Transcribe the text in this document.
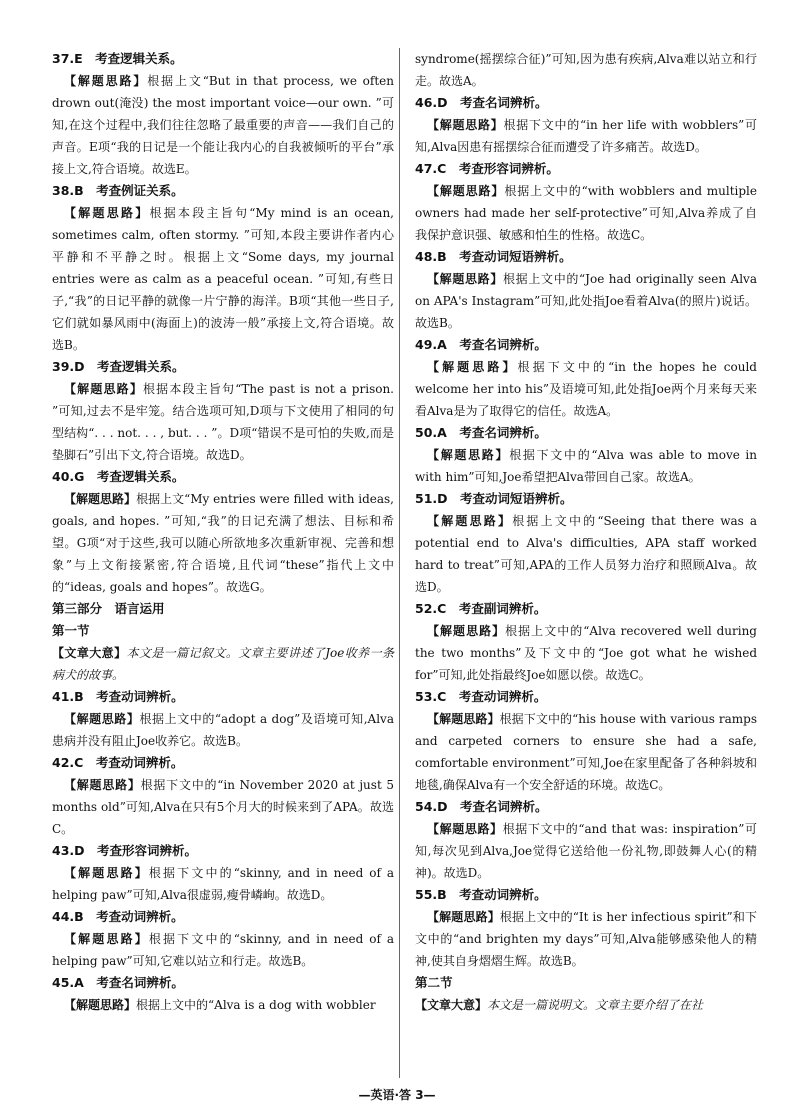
37.E　考查逻辑关系。

【解题思路】根据上文“But in that process, we often drown out(淹没) the most important voice—our own. ”可知,在这个过程中,我们往往忽略了最重要的声音——我们自己的声音。E项“我的日记是一个能让我内心的自我被倾听的平台”承接上文,符合语境。故选E。

38.B　考查例证关系。

【解题思路】根据本段主旨句“My mind is an ocean, sometimes calm, often stormy. ”可知,本段主要讲作者内心平静和不平静之时。根据上文“Some days, my journal entries were as calm as a peaceful ocean. ”可知,有些日子,“我”的日记平静的就像一片宁静的海洋。B项“其他一些日子,它们就如暴风雨中(海面上)的波涛一般”承接上文,符合语境。故选B。

39.D　考查逻辑关系。

【解题思路】根据本段主旨句“The past is not a prison. ”可知,过去不是牢笼。结合选项可知,D项与下文使用了相同的句型结构“. . . not. . . , but. . . ”。D项“错误不是可怕的失败,而是垫脚石”引出下文,符合语境。故选D。

40.G　考查逻辑关系。

【解题思路】根据上文“My entries were filled with ideas, goals, and hopes. ”可知,“我”的日记充满了想法、目标和希望。G项“对于这些,我可以随心所欲地多次重新审视、完善和想象”与上文衔接紧密,符合语境,且代词“these”指代上文中的“ideas, goals and hopes”。故选G。

第三部分　语言运用

第一节

【文章大意】本文是一篇记叙文。文章主要讲述了Joe收养一条病犬的故事。

41.B　考查动词辨析。

【解题思路】根据上文中的“adopt a dog”及语境可知,Alva患病并没有阻止Joe收养它。故选B。

42.C　考查动词辨析。

【解题思路】根据下文中的“in November 2020 at just 5 months old”可知,Alva在只有5个月大的时候来到了APA。故选C。

43.D　考查形容词辨析。

【解题思路】根据下文中的“skinny, and in need of a helping paw”可知,Alva很虚弱,瘦骨嶙峋。故选D。

44.B　考查动词辨析。

【解题思路】根据下文中的“skinny, and in need of a helping paw”可知,它难以站立和行走。故选B。

45.A　考查名词辨析。

【解题思路】根据上文中的“Alva is a dog with wobbler

syndrome(摇摆综合征)”可知,因为患有疾病,Alva难以站立和行走。故选A。

46.D　考查名词辨析。

【解题思路】根据下文中的“in her life with wobblers”可知,Alva因患有摇摆综合征而遭受了许多痛苦。故选D。

47.C　考查形容词辨析。

【解题思路】根据上文中的“with wobblers and multiple owners had made her self-protective”可知,Alva养成了自我保护意识强、敏感和怕生的性格。故选C。

48.B　考查动词短语辨析。

【解题思路】根据上文中的“Joe had originally seen Alva on APA's Instagram”可知,此处指Joe看着Alva(的照片)说话。故选B。

49.A　考查名词辨析。

【解题思路】根据下文中的“in the hopes he could welcome her into his”及语境可知,此处指Joe两个月来每天来看Alva是为了取得它的信任。故选A。

50.A　考查名词辨析。

【解题思路】根据下文中的“Alva was able to move in with him”可知,Joe希望把Alva带回自己家。故选A。

51.D　考查动词短语辨析。

【解题思路】根据上文中的“Seeing that there was a potential end to Alva's difficulties, APA staff worked hard to treat”可知,APA的工作人员努力治疗和照顾Alva。故选D。

52.C　考查副词辨析。

【解题思路】根据上文中的“Alva recovered well during the two months”及下文中的“Joe got what he wished for”可知,此处指最终Joe如愿以偿。故选C。

53.C　考查动词辨析。

【解题思路】根据下文中的“his house with various ramps and carpeted corners to ensure she had a safe, comfortable environment”可知,Joe在家里配备了各种斜坡和地毯,确保Alva有一个安全舒适的环境。故选C。

54.D　考查名词辨析。

【解题思路】根据下文中的“and that was: inspiration”可知,每次见到Alva,Joe觉得它送给他一份礼物,即鼓舞人心(的精神)。故选D。

55.B　考查动词辨析。

【解题思路】根据上文中的“It is her infectious spirit”和下文中的“and brighten my days”可知,Alva能够感染他人的精神,使其自身熠熠生辉。故选B。

第二节

【文章大意】本文是一篇说明文。文章主要介绍了在社

—英语·答 3—
